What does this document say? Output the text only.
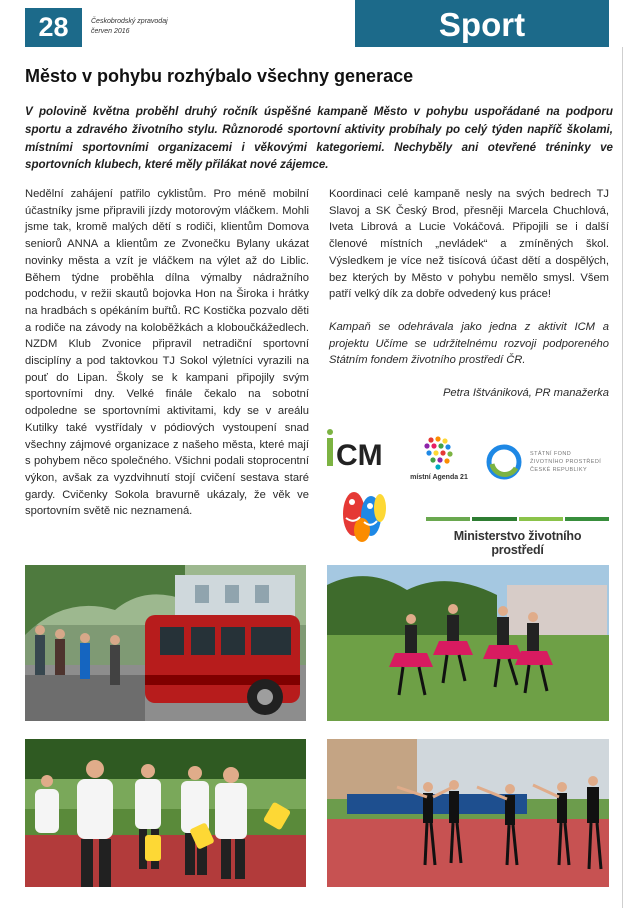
28	Českobrodský zpravodaj
červen 2016	Sport
Město v pohybu rozhýbalo všechny generace

V polovině května proběhl druhý ročník úspěšné kampaně Město v pohybu uspořádané na podporu sportu a zdravého životního stylu. Různorodé sportovní aktivity probíhaly po celý týden napříč školami, místními sportovními organizacemi i věkovými kategoriemi. Nechyběly ani otevřené tréninky ve sportovních klubech, které měly přilákat nové zájemce.

Nedělní zahájení patřilo cyklistům. Pro méně mobilní účastníky jsme připravili jízdy motorovým vláčkem. Mohli jsme tak, kromě malých dětí s rodiči, klientům Domova seniorů ANNA a klientům ze Zvonečku Bylany ukázat novinky města a vzít je vláčkem na výlet až do Liblic. Během týdne proběhla dílna výmalby nádražního podchodu, v režii skautů bojovka Hon na Široka i hrátky na hradbách s opékáním buřtů. RC Kostička pozvalo děti a rodiče na závody na koloběžkách a kloboučkážedlech. NZDM Klub Zvonice připravil netradiční sportovní disciplíny a pod taktovkou TJ Sokol výletníci vyrazili na pouť do Lipan. Školy se k kampani připojily svým sportovními dny. Velké finále čekalo na sobotní odpoledne se sportovními aktivitami, kdy se v areálu Kutilky také vystřídaly v pódiových vystoupení snad všechny zájmové organizace z našeho města, které mají s pohybem něco společného. Všichni podali stoprocentní výkon, avšak za vyzdvihnutí stojí cvičení sestava staré gardy. Cvičenky Sokola bravurně ukázaly, že věk ve sportovním světě nic neznamená.

Koordinaci celé kampaně nesly na svých bedrech TJ Slavoj a SK Český Brod, přesněji Marcela Chuchlová, Iveta Librová a Lucie Vokáčová. Připojili se i další členové místních „nevládek“ a zmíněných škol. Výsledkem je více než tisícová účast dětí a dospělých, bez kterých by Město v pohybu nemělo smysl. Všem patří velký dík za dobře odvedený kus práce!

Kampaň se odehrávala jako jedna z aktivit ICM a projektu Učíme se udržitelnému rozvoji podporeného Státním fondem životního prostředí ČR.

Petra Ištvániková, PR manažerka

CM
místní Agenda 21
STÁTNÍ FOND
ŽIVOTNÍHO PROSTŘEDÍ
ČESKÉ REPUBLIKY
Ministerstvo životního prostředí
